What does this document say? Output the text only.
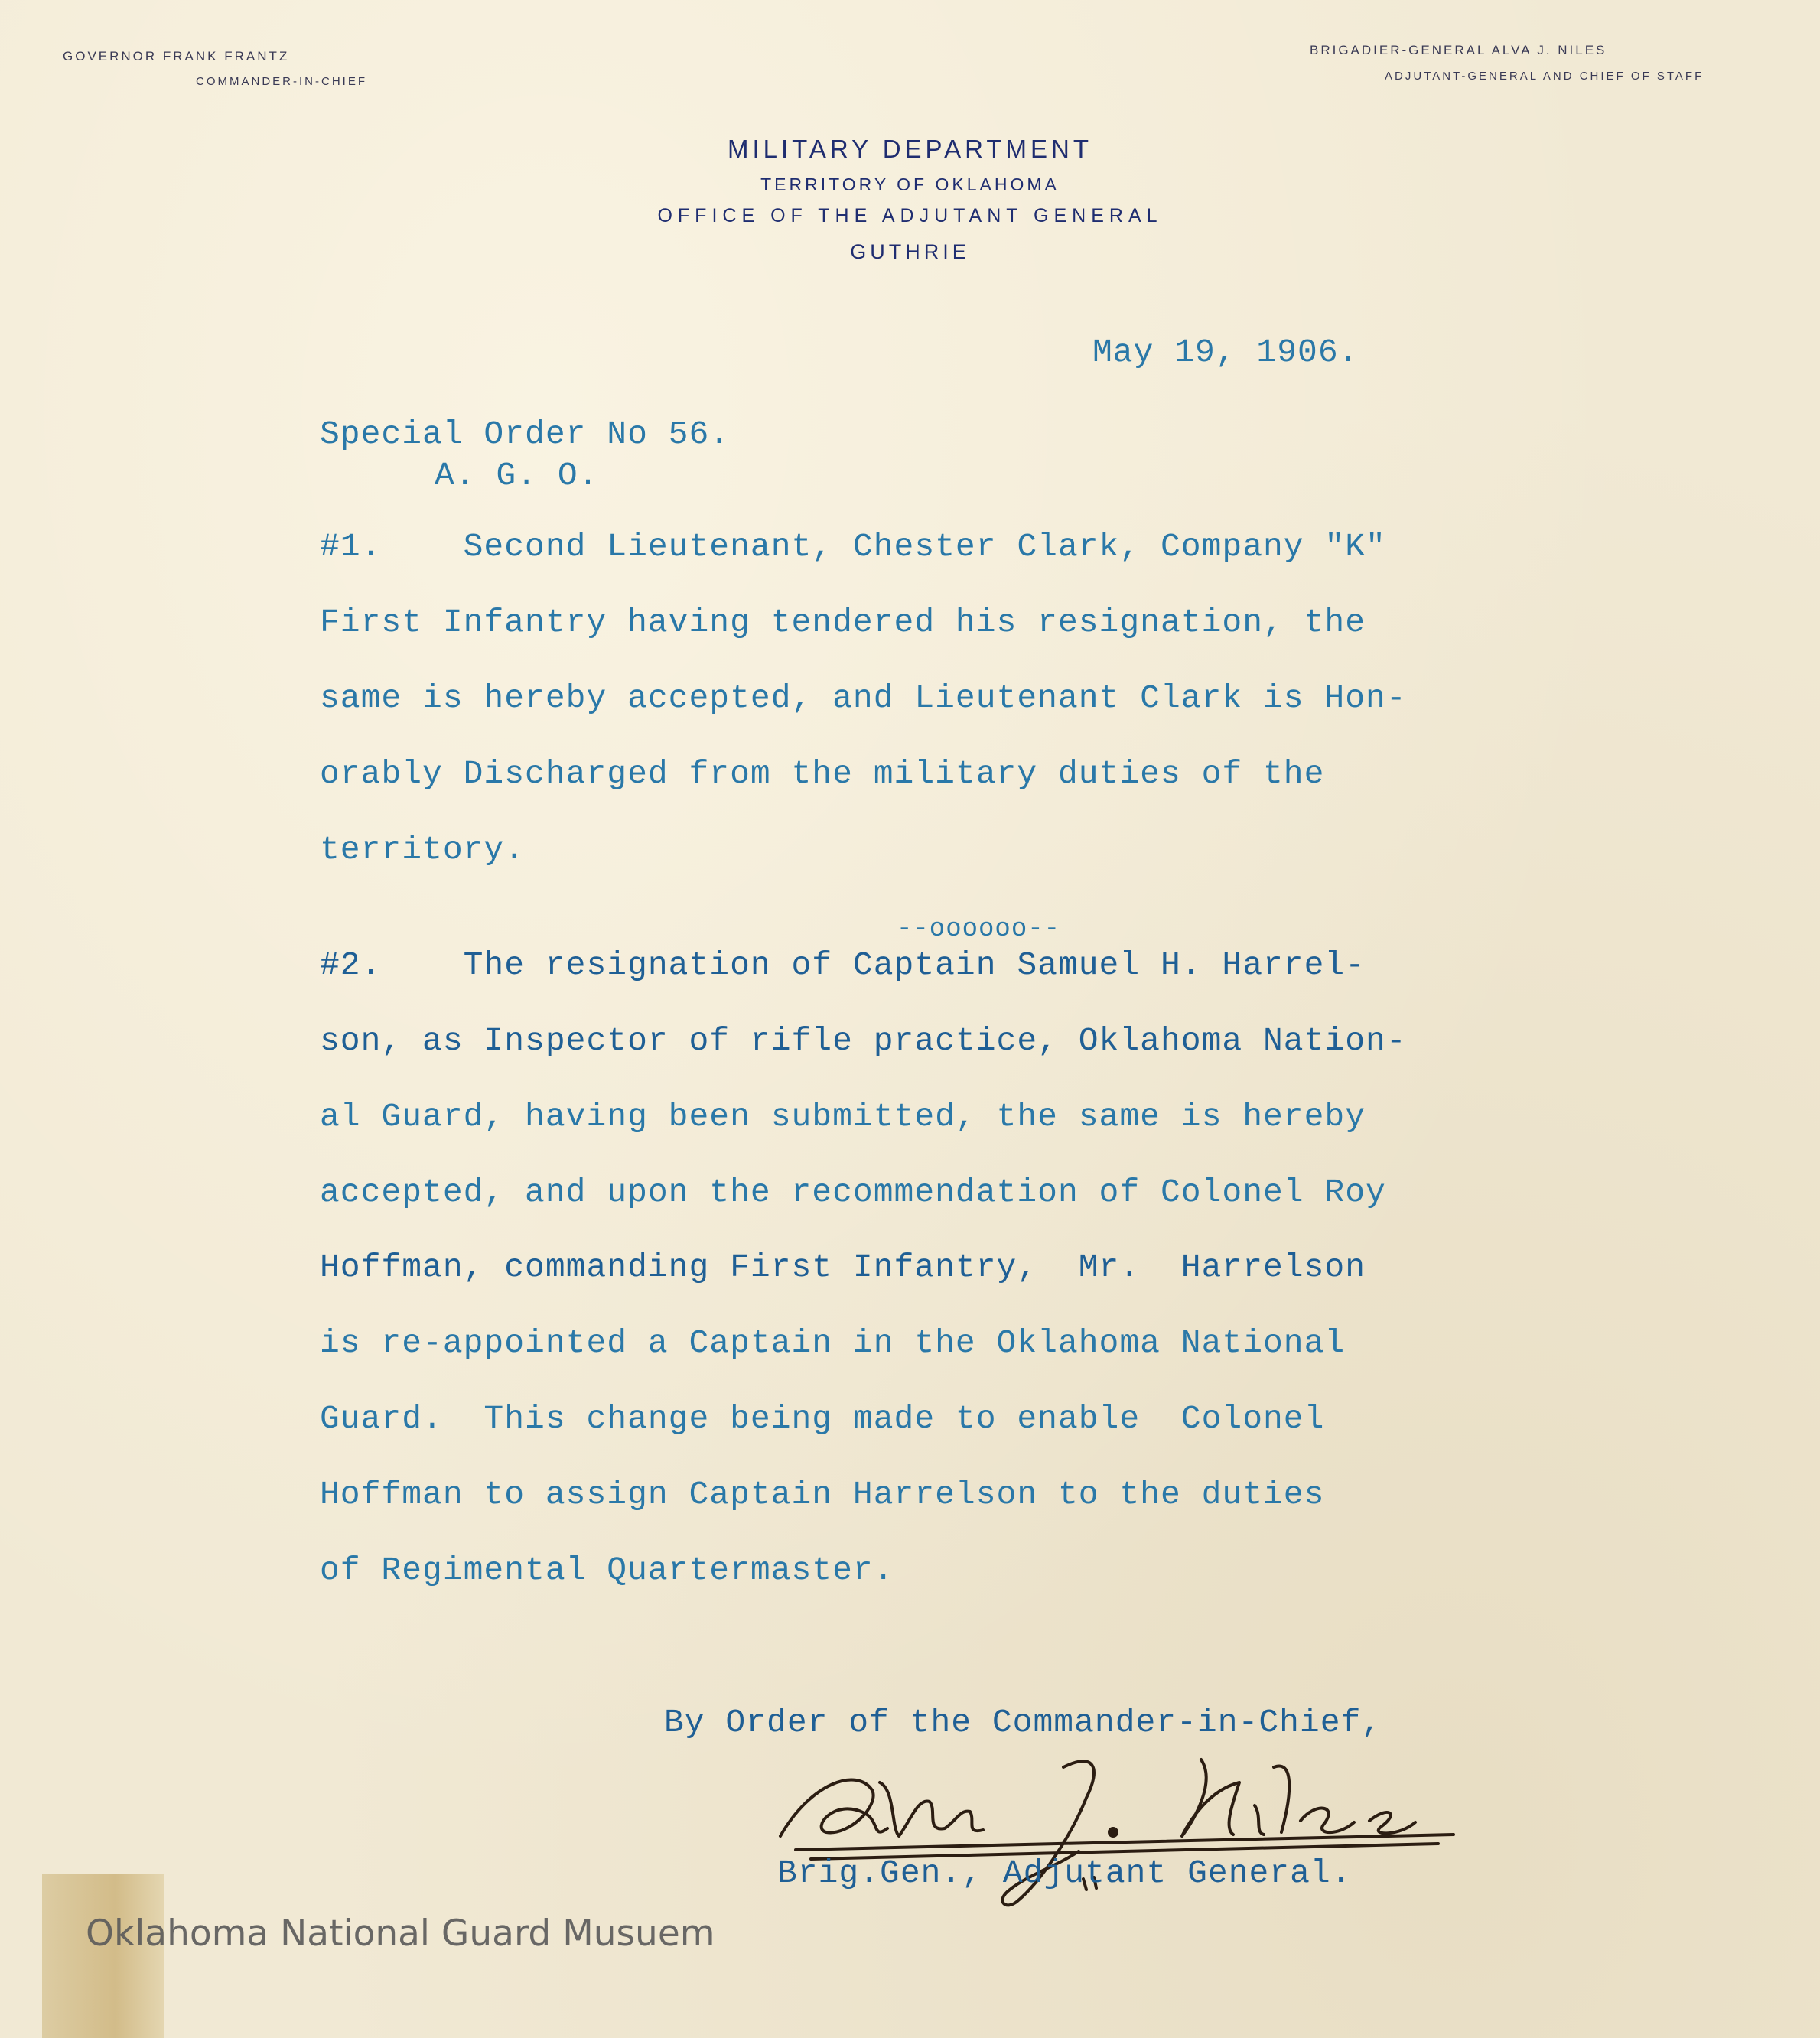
GOVERNOR FRANK FRANTZ
COMMANDER-IN-CHIEF
BRIGADIER-GENERAL ALVA J. NILES
ADJUTANT-GENERAL AND CHIEF OF STAFF
MILITARY DEPARTMENT
TERRITORY OF OKLAHOMA
OFFICE OF THE ADJUTANT GENERAL
GUTHRIE
May 19, 1906.
Special Order No 56.
A. G. O.
#1.    Second Lieutenant, Chester Clark, Company "K"
First Infantry having tendered his resignation, the
same is hereby accepted, and Lieutenant Clark is Hon-
orably Discharged from the military duties of the
territory.
--oooooo--
#2.    The resignation of Captain Samuel H. Harrel-
son, as Inspector of rifle practice, Oklahoma Nation-
al Guard, having been submitted, the same is hereby
accepted, and upon the recommendation of Colonel Roy
Hoffman, commanding First Infantry,  Mr.  Harrelson
is re-appointed a Captain in the Oklahoma National
Guard.  This change being made to enable  Colonel
Hoffman to assign Captain Harrelson to the duties
of Regimental Quartermaster.
By Order of the Commander-in-Chief,
Brig.Gen., Adjutant General.
Oklahoma National Guard Musuem
